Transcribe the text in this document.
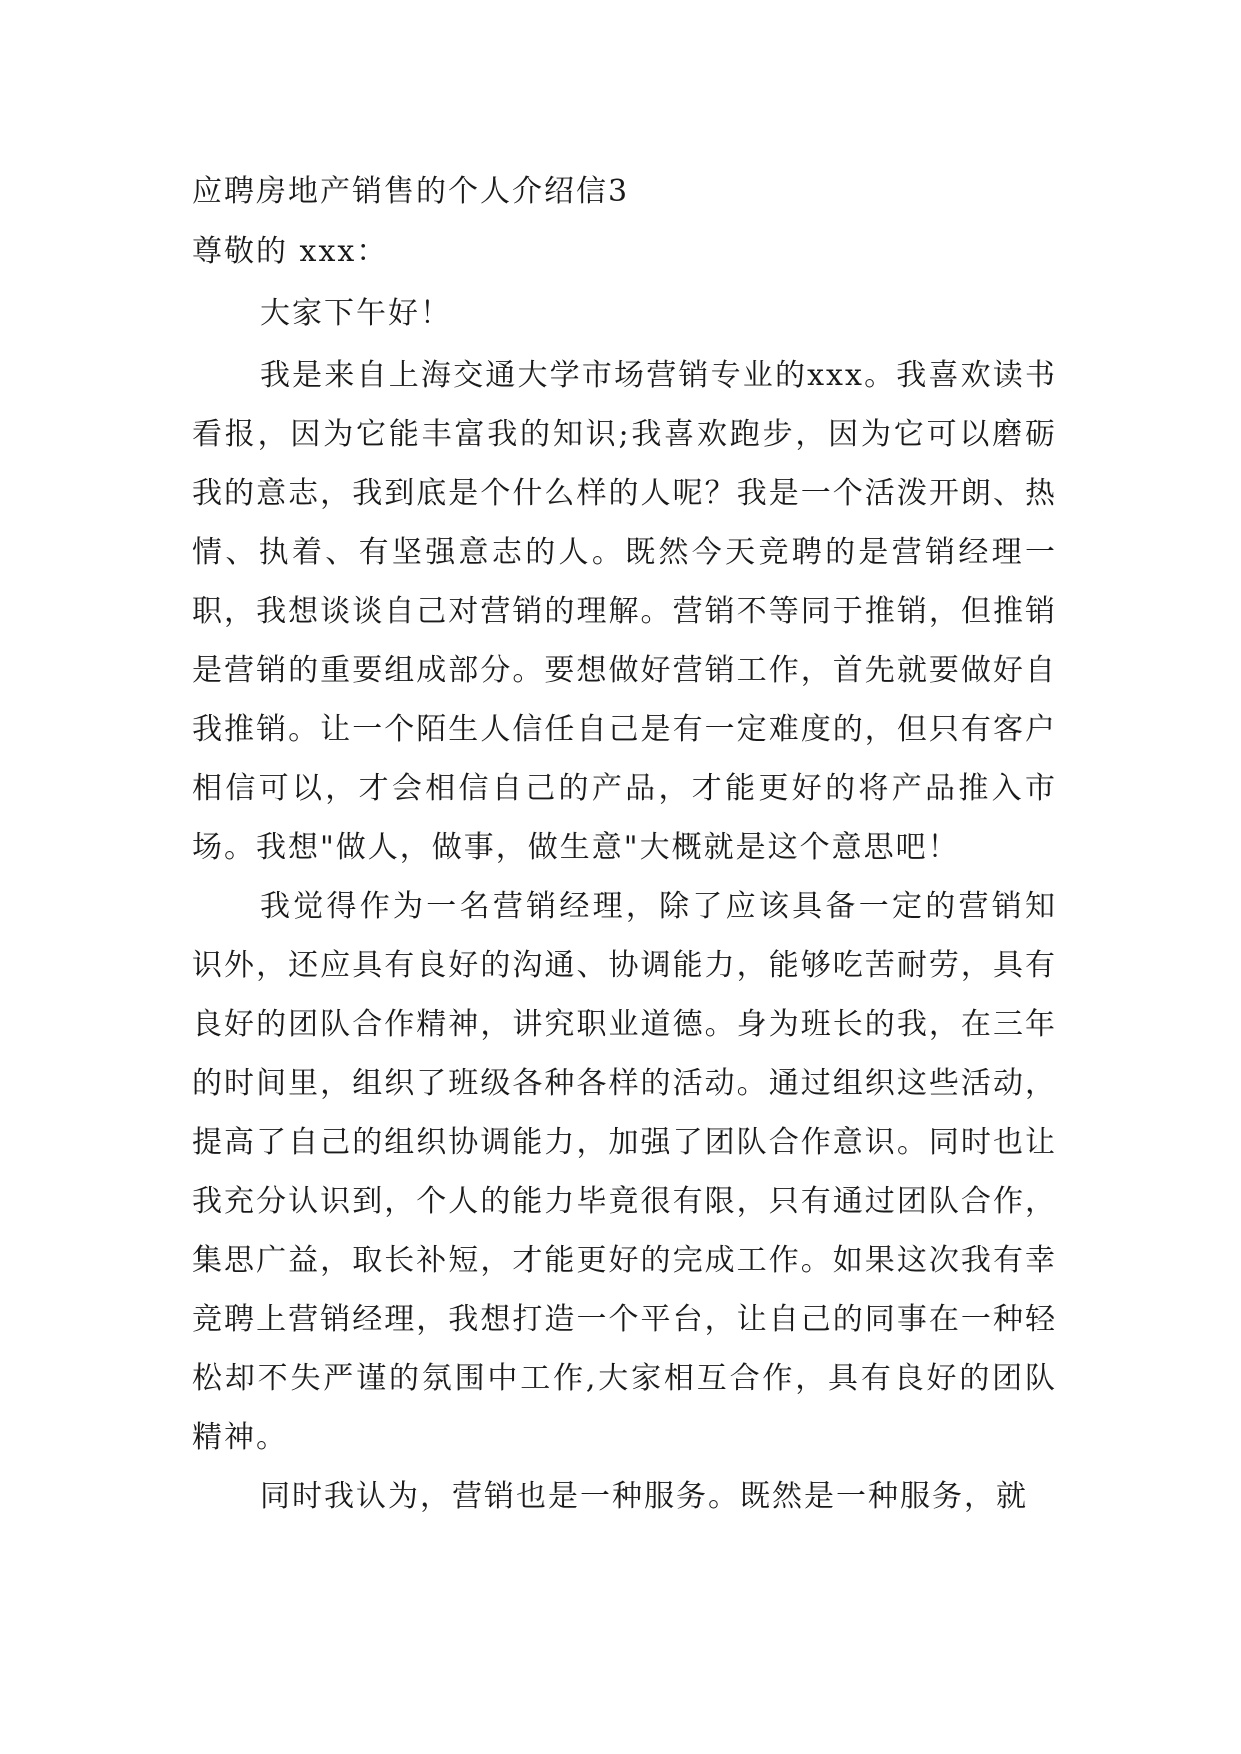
应聘房地产销售的个人介绍信3

尊敬的 xxx：

大家下午好！

我是来自上海交通大学市场营销专业的xxx。我喜欢读书看报，因为它能丰富我的知识;我喜欢跑步，因为它可以磨砺我的意志，我到底是个什么样的人呢？我是一个活泼开朗、热情、执着、有坚强意志的人。既然今天竞聘的是营销经理一职，我想谈谈自己对营销的理解。营销不等同于推销，但推销是营销的重要组成部分。要想做好营销工作，首先就要做好自我推销。让一个陌生人信任自己是有一定难度的，但只有客户相信可以，才会相信自己的产品，才能更好的将产品推入市场。我想"做人，做事，做生意"大概就是这个意思吧！

我觉得作为一名营销经理，除了应该具备一定的营销知识外，还应具有良好的沟通、协调能力，能够吃苦耐劳，具有良好的团队合作精神，讲究职业道德。身为班长的我，在三年的时间里，组织了班级各种各样的活动。通过组织这些活动，提高了自己的组织协调能力，加强了团队合作意识。同时也让我充分认识到，个人的能力毕竟很有限，只有通过团队合作，集思广益，取长补短，才能更好的完成工作。如果这次我有幸竞聘上营销经理，我想打造一个平台，让自己的同事在一种轻松却不失严谨的氛围中工作,大家相互合作，具有良好的团队精神。

同时我认为，营销也是一种服务。既然是一种服务，就
